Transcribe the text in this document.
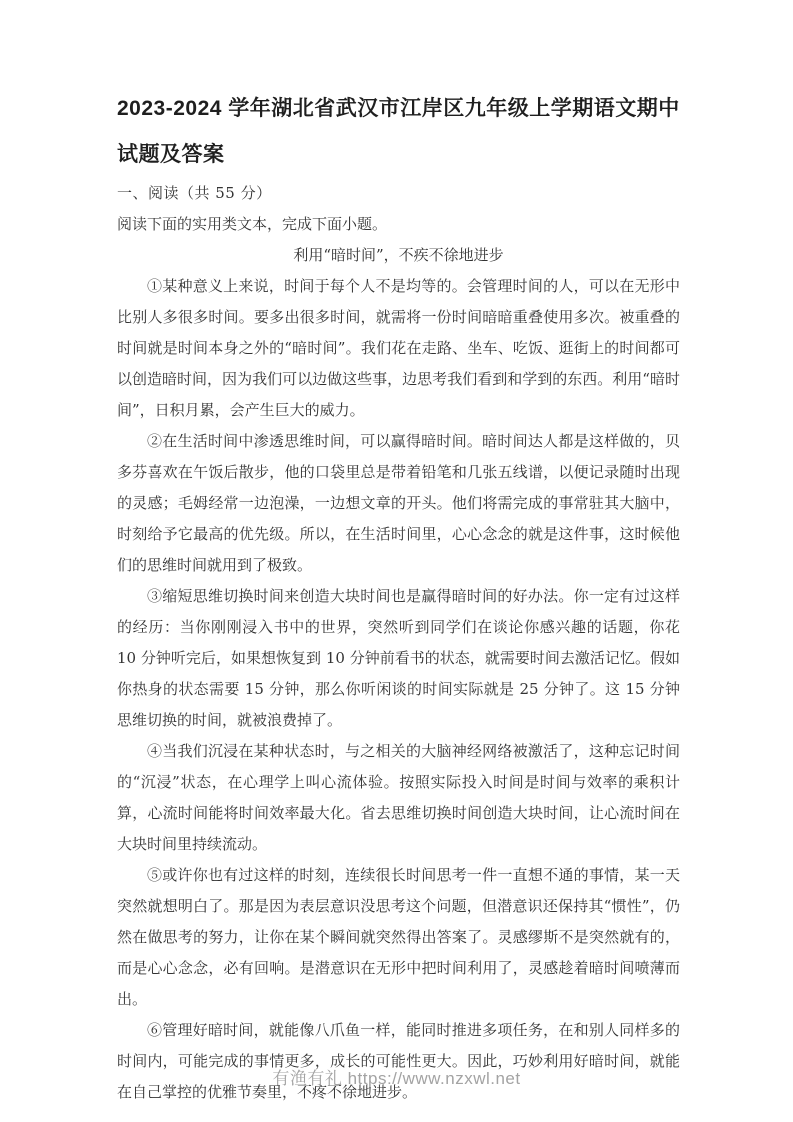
2023-2024 学年湖北省武汉市江岸区九年级上学期语文期中试题及答案
一、阅读（共 55 分）
阅读下面的实用类文本，完成下面小题。
利用“暗时间”，不疾不徐地进步

①某种意义上来说，时间于每个人不是均等的。会管理时间的人，可以在无形中比别人多很多时间。要多出很多时间，就需将一份时间暗暗重叠使用多次。被重叠的时间就是时间本身之外的“暗时间”。我们花在走路、坐车、吃饭、逛街上的时间都可以创造暗时间，因为我们可以边做这些事，边思考我们看到和学到的东西。利用“暗时间”，日积月累，会产生巨大的威力。

②在生活时间中渗透思维时间，可以赢得暗时间。暗时间达人都是这样做的，贝多芬喜欢在午饭后散步，他的口袋里总是带着铅笔和几张五线谱，以便记录随时出现的灵感；毛姆经常一边泡澡，一边想文章的开头。他们将需完成的事常驻其大脑中，时刻给予它最高的优先级。所以，在生活时间里，心心念念的就是这件事，这时候他们的思维时间就用到了极致。

③缩短思维切换时间来创造大块时间也是赢得暗时间的好办法。你一定有过这样的经历：当你刚刚浸入书中的世界，突然听到同学们在谈论你感兴趣的话题，你花 10 分钟听完后，如果想恢复到 10 分钟前看书的状态，就需要时间去激活记忆。假如你热身的状态需要 15 分钟，那么你听闲谈的时间实际就是 25 分钟了。这 15 分钟思维切换的时间，就被浪费掉了。

④当我们沉浸在某种状态时，与之相关的大脑神经网络被激活了，这种忘记时间的“沉浸”状态，在心理学上叫心流体验。按照实际投入时间是时间与效率的乘积计算，心流时间能将时间效率最大化。省去思维切换时间创造大块时间，让心流时间在大块时间里持续流动。

⑤或许你也有过这样的时刻，连续很长时间思考一件一直想不通的事情，某一天突然就想明白了。那是因为表层意识没思考这个问题，但潜意识还保持其“惯性”，仍然在做思考的努力，让你在某个瞬间就突然得出答案了。灵感缪斯不是突然就有的，而是心心念念，必有回响。是潜意识在无形中把时间利用了，灵感趁着暗时间喷薄而出。

⑥管理好暗时间，就能像八爪鱼一样，能同时推进多项任务，在和别人同样多的时间内，可能完成的事情更多，成长的可能性更大。因此，巧妙利用好暗时间，就能在自己掌控的优雅节奏里，不疼不徐地进步。

有渔有礼 https://www.nzxwl.net
